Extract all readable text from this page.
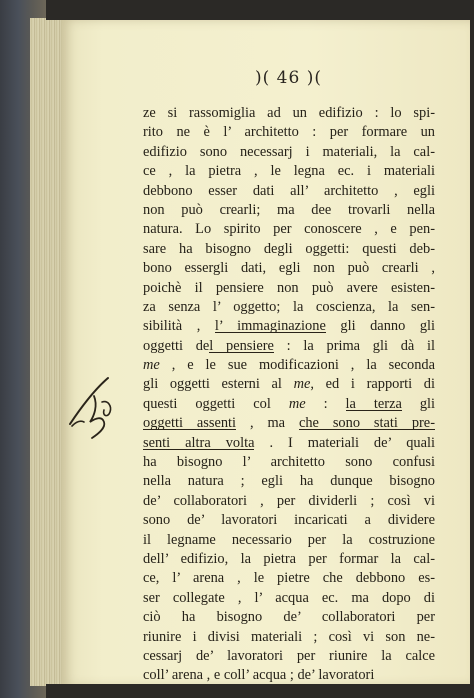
)( 46 )(
ze si rassomiglia ad un edifizio : lo spi-
rito ne è l’ architetto : per formare un
edifizio sono necessarj i materiali, la cal-
ce , la pietra , le legna ec. i materiali
debbono esser dati all’ architetto , egli
non può crearli; ma dee trovarli nella
natura. Lo spirito per conoscere , e pen-
sare ha bisogno degli oggetti: questi deb-
bono essergli dati, egli non può crearli ,
poichè il pensiere non può avere esisten-
za senza l’ oggetto; la coscienza, la sen-
sibilità , l’ immaginazione gli danno gli
oggetti del pensiere : la prima gli dà il
me , e le sue modificazioni , la seconda
gli oggetti esterni al me, ed i rapporti di
questi oggetti col me : la terza gli
oggetti assenti , ma che sono stati pre-
senti altra volta . I materiali de’ quali
ha bisogno l’ architetto sono confusi
nella natura ; egli ha dunque bisogno
de’ collaboratori , per dividerli ; così vi
sono de’ lavoratori incaricati a dividere
il legname necessario per la costruzione
dell’ edifizio, la pietra per formar la cal-
ce, l’ arena , le pietre che debbono es-
ser collegate , l’ acqua ec. ma dopo di
ciò ha bisogno de’ collaboratori per
riunire i divisi materiali ; così vi son ne-
cessarj de’ lavoratori per riunire la calce
coll’ arena , e coll’ acqua ; de’ lavoratori
